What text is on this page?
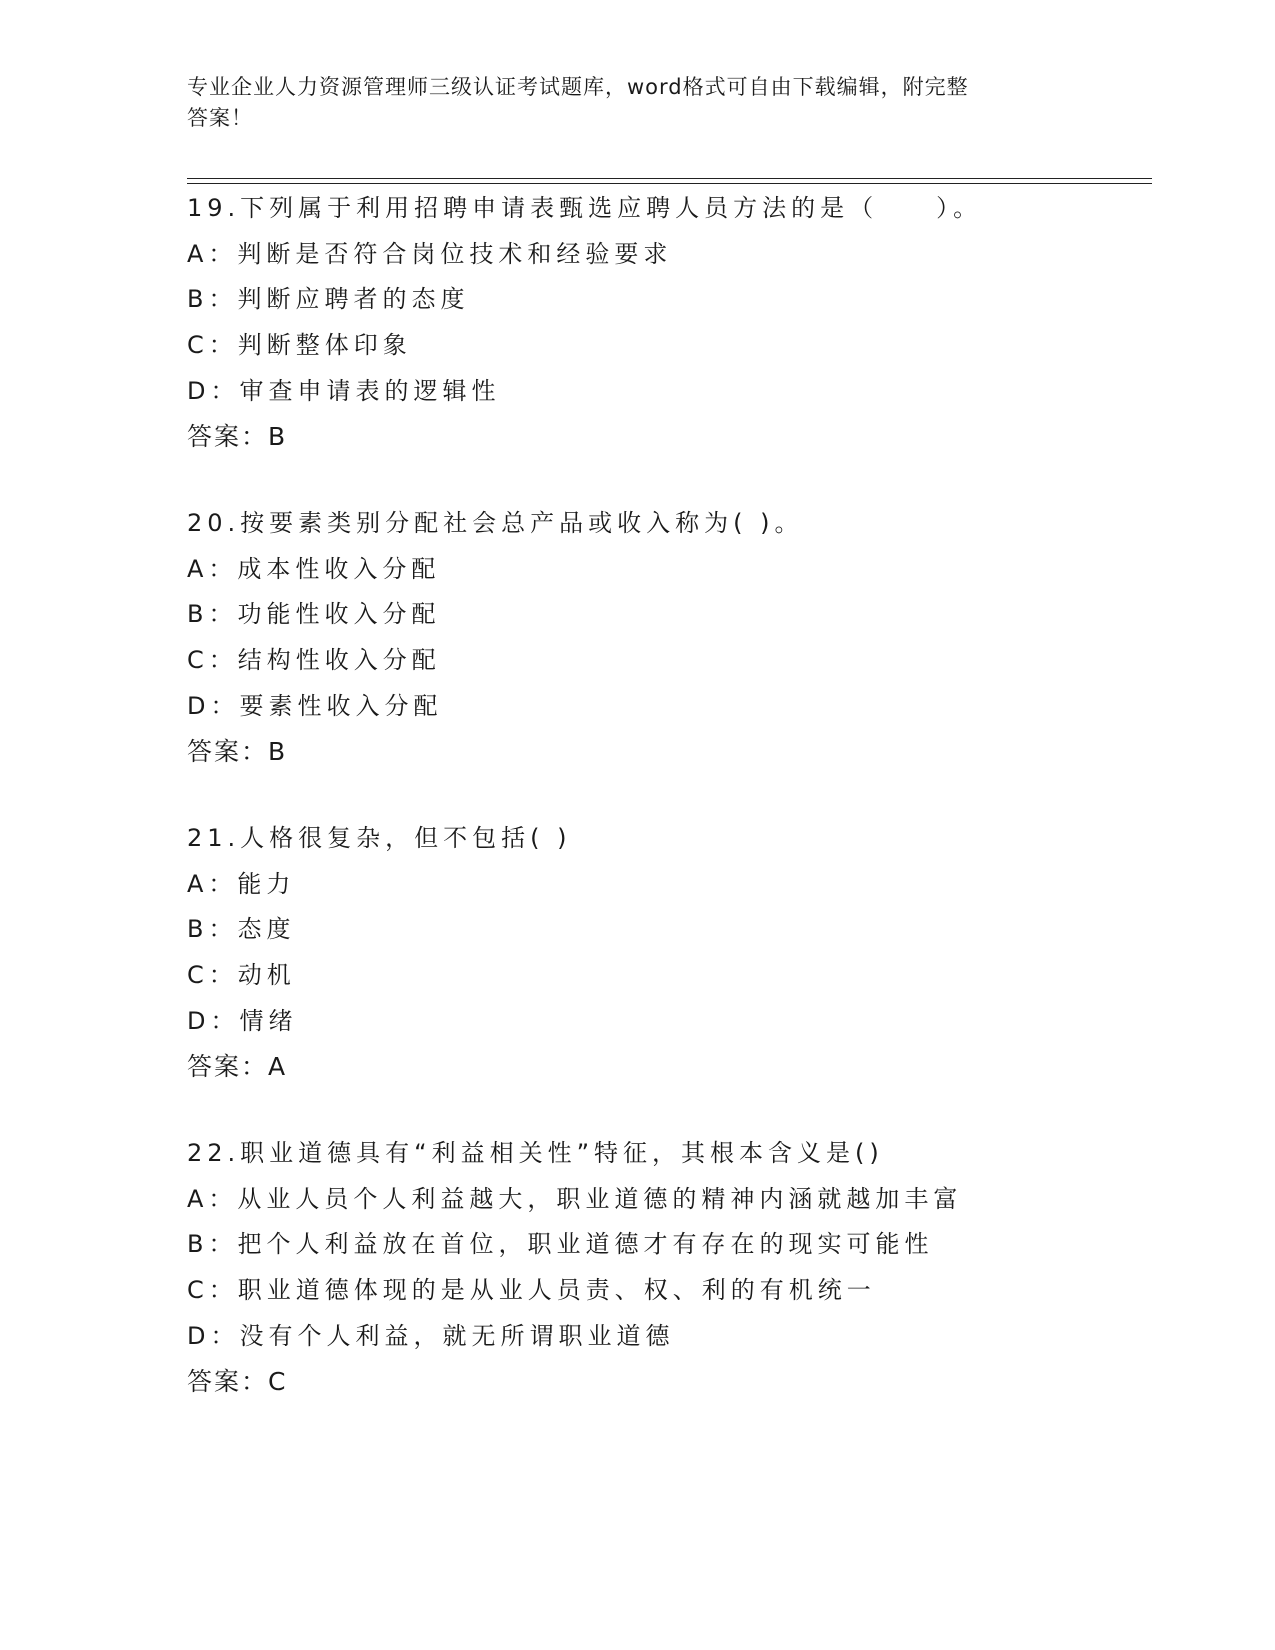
专业企业人力资源管理师三级认证考试题库，word格式可自由下载编辑，附完整
答案！
19.下列属于利用招聘申请表甄选应聘人员方法的是（　　）。
A：判断是否符合岗位技术和经验要求
B：判断应聘者的态度
C：判断整体印象
D：审查申请表的逻辑性
答案：B
20.按要素类别分配社会总产品或收入称为( )。
A：成本性收入分配
B：功能性收入分配
C：结构性收入分配
D：要素性收入分配
答案：B
21.人格很复杂，但不包括( )
A：能力
B：态度
C：动机
D：情绪
答案：A
22.职业道德具有“利益相关性”特征，其根本含义是()
A：从业人员个人利益越大，职业道德的精神内涵就越加丰富
B：把个人利益放在首位，职业道德才有存在的现实可能性
C：职业道德体现的是从业人员责、权、利的有机统一
D：没有个人利益，就无所谓职业道德
答案：C
